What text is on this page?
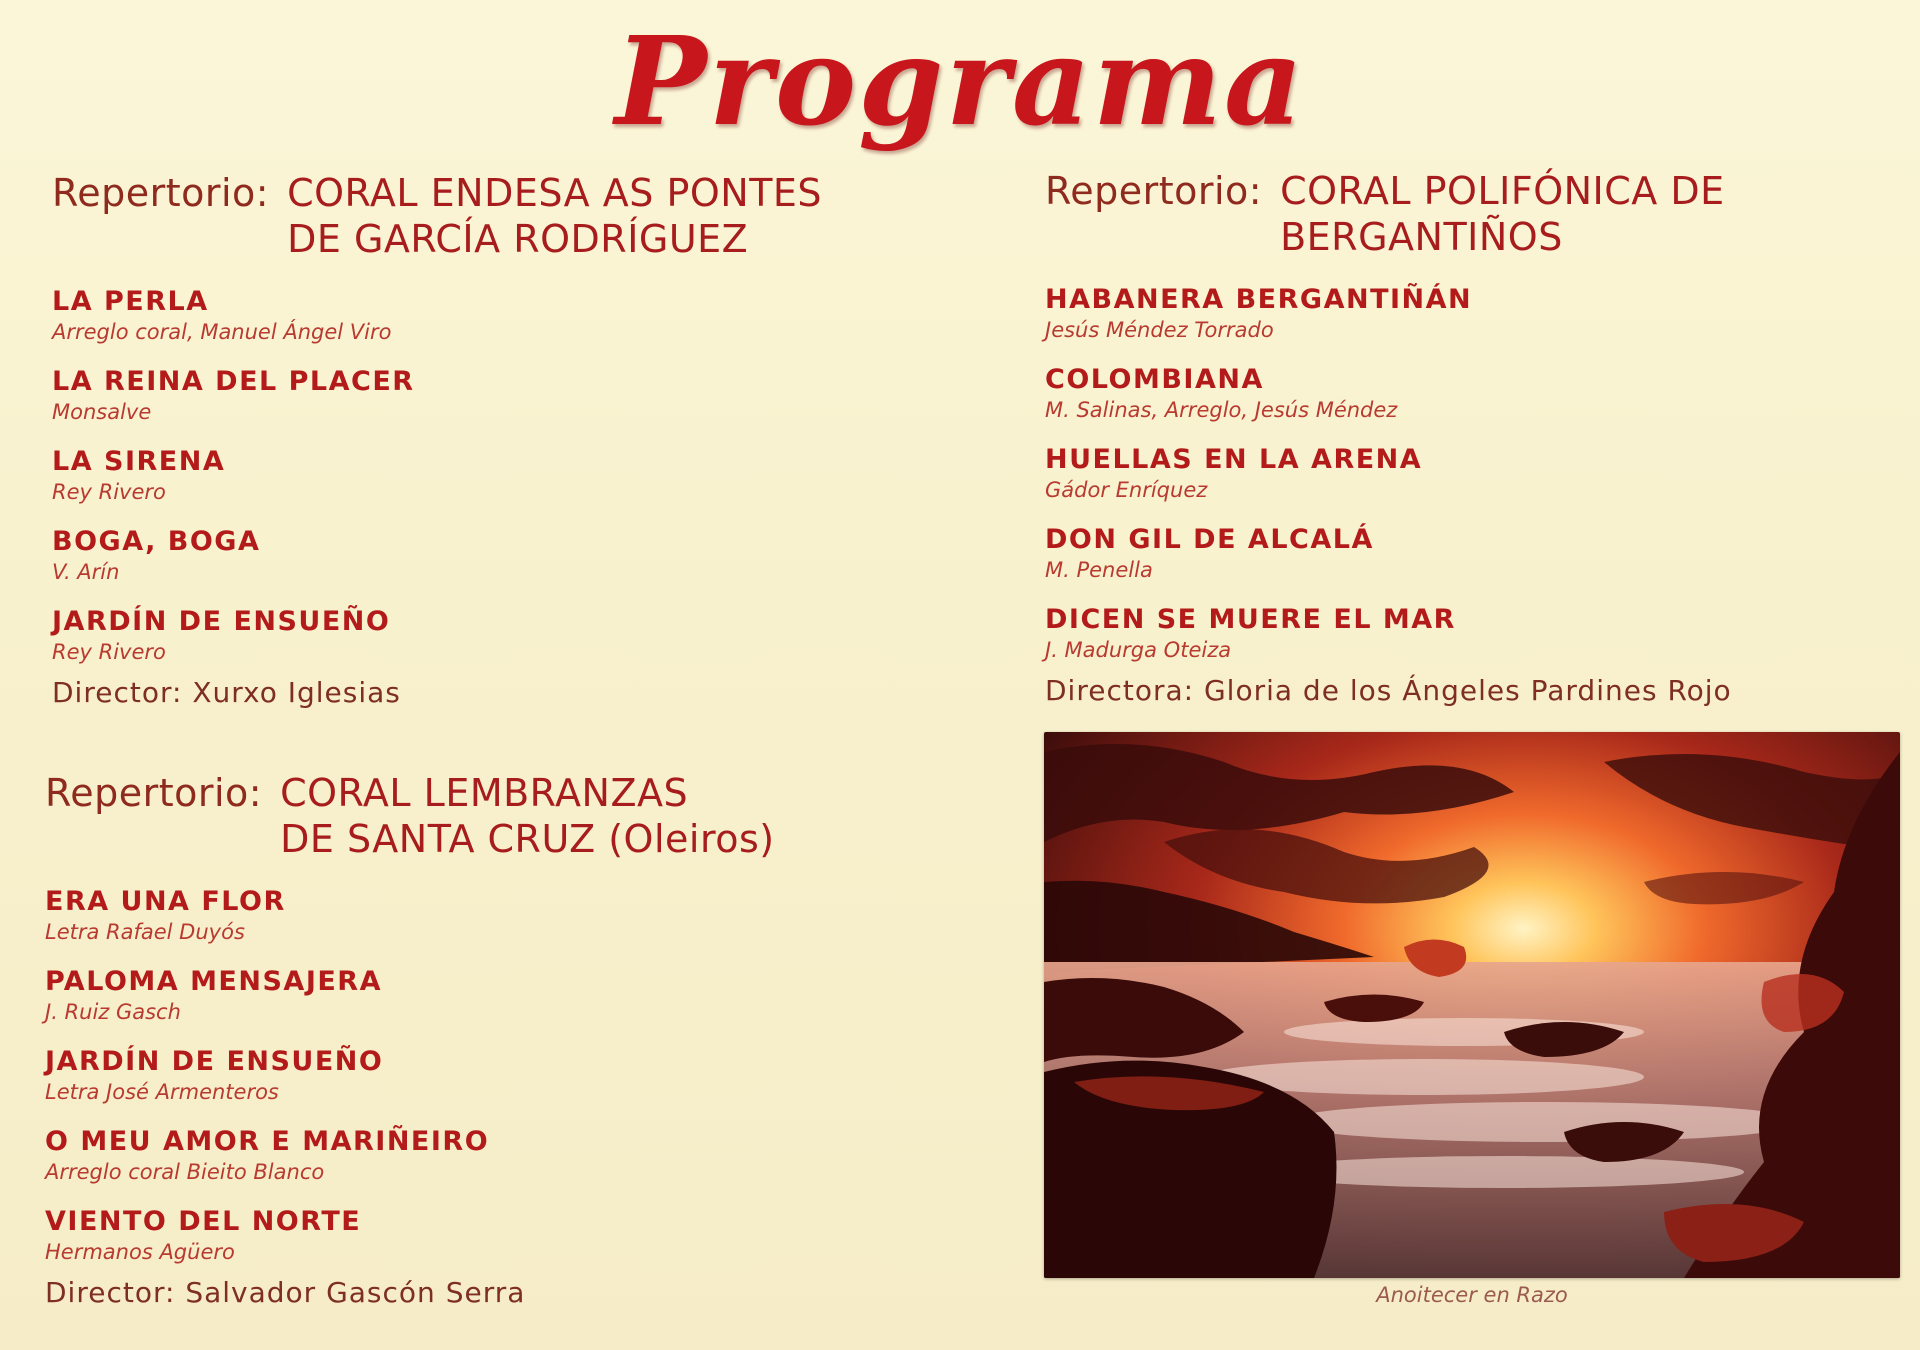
Programa
Repertorio: CORAL ENDESA AS PONTES
DE GARCÍA RODRÍGUEZ
LA PERLA
Arreglo coral, Manuel Ángel Viro
LA REINA DEL PLACER
Monsalve
LA SIRENA
Rey Rivero
BOGA, BOGA
V. Arín
JARDÍN DE ENSUEÑO
Rey Rivero
Director: Xurxo Iglesias
Repertorio: CORAL LEMBRANZAS
DE SANTA CRUZ (Oleiros)
ERA UNA FLOR
Letra Rafael Duyós
PALOMA MENSAJERA
J. Ruiz Gasch
JARDÍN DE ENSUEÑO
Letra José Armenteros
O MEU AMOR E MARIÑEIRO
Arreglo coral Bieito Blanco
VIENTO DEL NORTE
Hermanos Agüero
Director: Salvador Gascón Serra
Repertorio: CORAL POLIFÓNICA DE
BERGANTIÑOS
HABANERA BERGANTIÑÁN
Jesús Méndez Torrado
COLOMBIANA
M. Salinas, Arreglo, Jesús Méndez
HUELLAS EN LA ARENA
Gádor Enríquez
DON GIL DE ALCALÁ
M. Penella
DICEN SE MUERE EL MAR
J. Madurga Oteiza
Directora: Gloria de los Ángeles Pardines Rojo
Anoitecer en Razo
